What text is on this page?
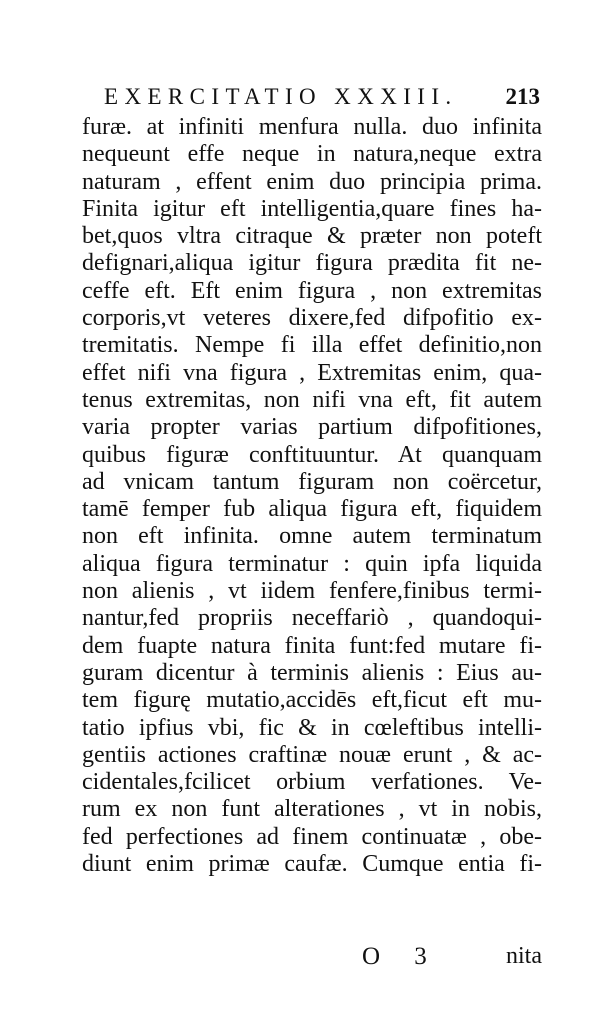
EXERCITATIO XXXIII. 213
furæ. at infiniti menfura nulla. duo infinita
nequeunt effe neque in natura,neque extra
naturam , effent enim duo principia prima.
Finita igitur eft intelligentia,quare fines ha-
bet,quos vltra citraque & præter non poteft
defignari,aliqua igitur figura prædita fit ne-
ceffe eft. Eft enim figura , non extremitas
corporis,vt veteres dixere,fed difpofitio ex-
tremitatis. Nempe fi illa effet definitio,non
effet nifi vna figura , Extremitas enim, qua-
tenus extremitas, non nifi vna eft, fit autem
varia propter varias partium difpofitiones,
quibus figuræ conftituuntur. At quanquam
ad vnicam tantum figuram non coërcetur,
tamē femper fub aliqua figura eft, fiquidem
non eft infinita. omne autem terminatum
aliqua figura terminatur : quin ipfa liquida
non alienis , vt iidem fenfere,finibus termi-
nantur,fed propriis neceffariò , quandoqui-
dem fuapte natura finita funt:fed mutare fi-
guram dicentur à terminis alienis : Eius au-
tem figurę mutatio,accidēs eft,ficut eft mu-
tatio ipfius vbi, fic & in cœleftibus intelli-
gentiis actiones craftinæ nouæ erunt , & ac-
cidentales,fcilicet orbium verfationes. Ve-
rum ex non funt alterationes , vt in nobis,
fed perfectiones ad finem continuatæ , obe-
diunt enim primæ caufæ. Cumque entia fi-
O 3	nita
